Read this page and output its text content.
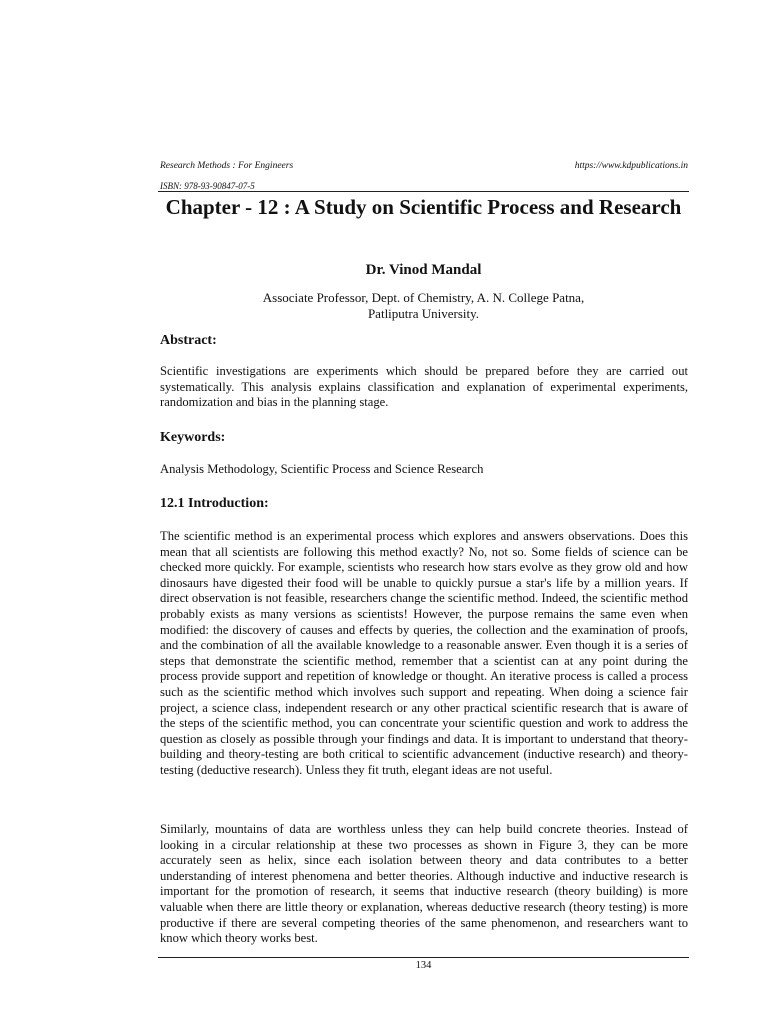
Research Methods : For Engineers	https://www.kdpublications.in
ISBN: 978-93-90847-07-5
Chapter - 12 : A Study on Scientific Process and Research
Dr. Vinod Mandal
Associate Professor, Dept. of Chemistry, A. N. College Patna,
Patliputra University.
Abstract:

Scientific investigations are experiments which should be prepared before they are carried out systematically. This analysis explains classification and explanation of experimental experiments, randomization and bias in the planning stage.

Keywords:

Analysis Methodology, Scientific Process and Science Research

12.1 Introduction:

The scientific method is an experimental process which explores and answers observations. Does this mean that all scientists are following this method exactly? No, not so. Some fields of science can be checked more quickly. For example, scientists who research how stars evolve as they grow old and how dinosaurs have digested their food will be unable to quickly pursue a star's life by a million years. If direct observation is not feasible, researchers change the scientific method. Indeed, the scientific method probably exists as many versions as scientists! However, the purpose remains the same even when modified: the discovery of causes and effects by queries, the collection and the examination of proofs, and the combination of all the available knowledge to a reasonable answer. Even though it is a series of steps that demonstrate the scientific method, remember that a scientist can at any point during the process provide support and repetition of knowledge or thought. An iterative process is called a process such as the scientific method which involves such support and repeating. When doing a science fair project, a science class, independent research or any other practical scientific research that is aware of the steps of the scientific method, you can concentrate your scientific question and work to address the question as closely as possible through your findings and data. It is important to understand that theory-building and theory-testing are both critical to scientific advancement (inductive research) and theory-testing (deductive research). Unless they fit truth, elegant ideas are not useful.

Similarly, mountains of data are worthless unless they can help build concrete theories. Instead of looking in a circular relationship at these two processes as shown in Figure 3, they can be more accurately seen as helix, since each isolation between theory and data contributes to a better understanding of interest phenomena and better theories. Although inductive and inductive research is important for the promotion of research, it seems that inductive research (theory building) is more valuable when there are little theory or explanation, whereas deductive research (theory testing) is more productive if there are several competing theories of the same phenomenon, and researchers want to know which theory works best.

134
